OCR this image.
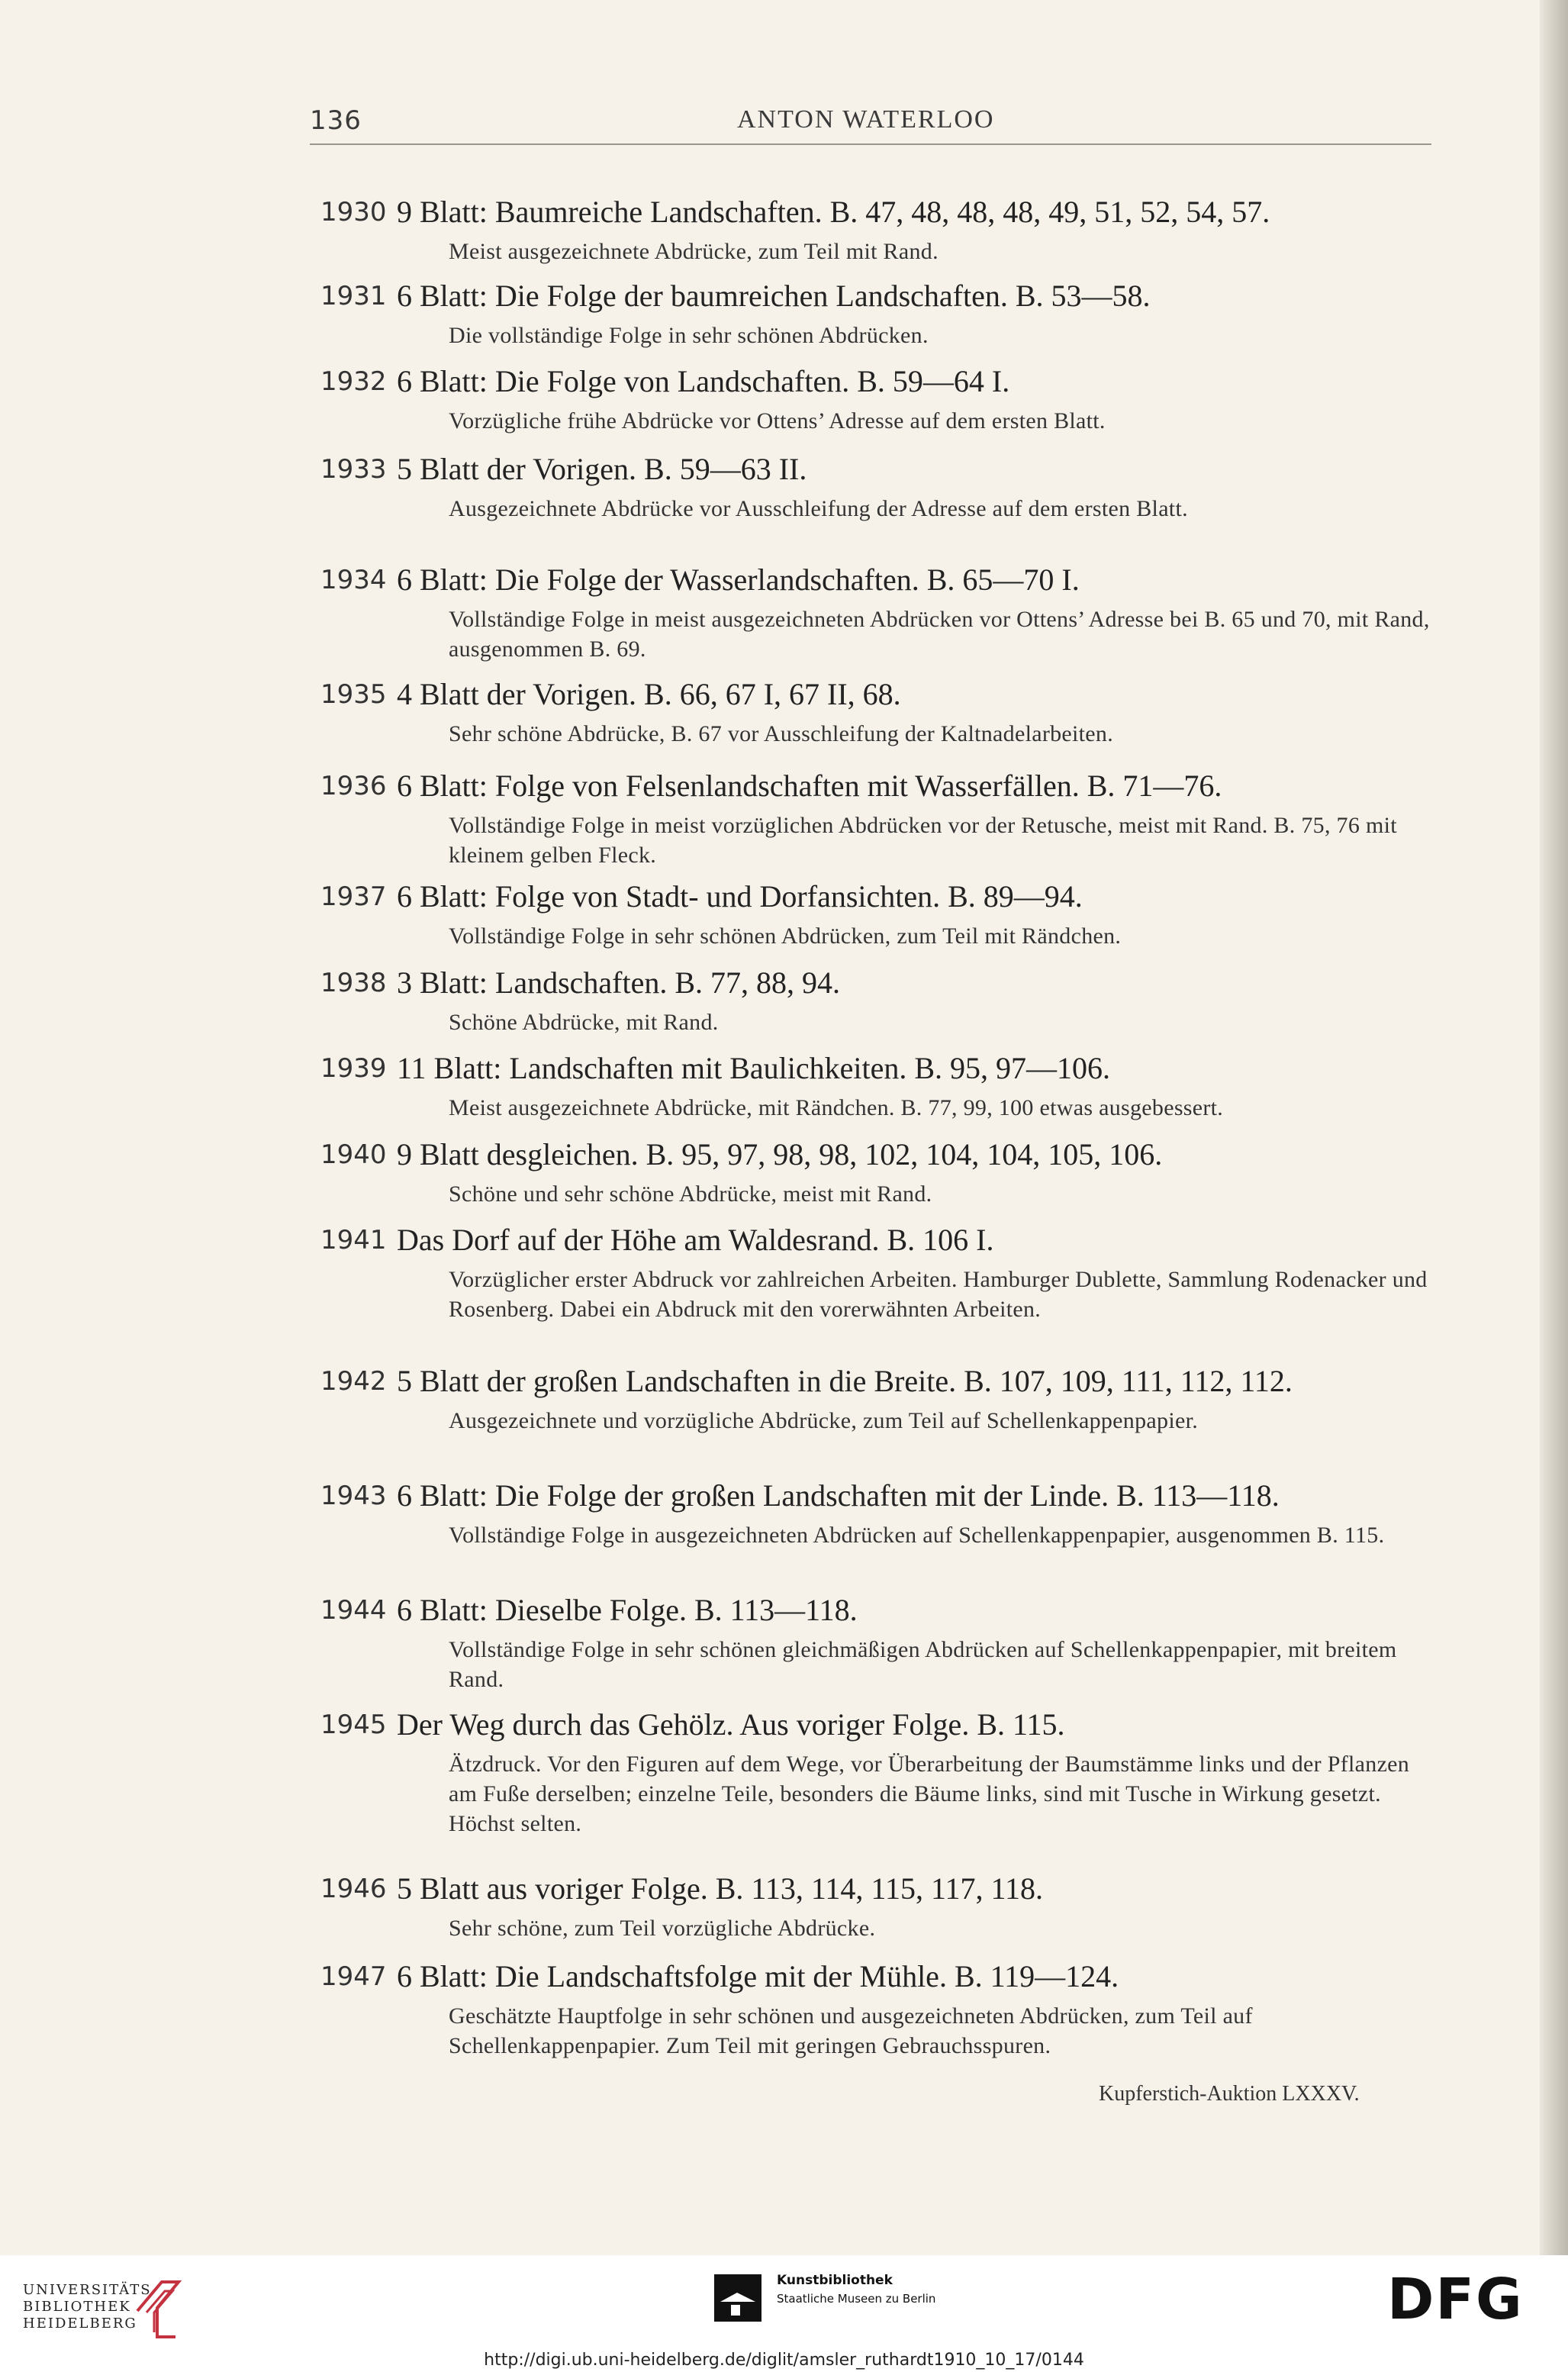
136	ANTON WATERLOO
1930 9 Blatt: Baumreiche Landschaften. B. 47, 48, 48, 48, 49, 51, 52, 54, 57.
Meist ausgezeichnete Abdrücke, zum Teil mit Rand.
1931 6 Blatt: Die Folge der baumreichen Landschaften. B. 53—58.
Die vollständige Folge in sehr schönen Abdrücken.
1932 6 Blatt: Die Folge von Landschaften. B. 59—64 I.
Vorzügliche frühe Abdrücke vor Ottens’ Adresse auf dem ersten Blatt.
1933 5 Blatt der Vorigen. B. 59—63 II.
Ausgezeichnete Abdrücke vor Ausschleifung der Adresse auf dem ersten Blatt.
1934 6 Blatt: Die Folge der Wasserlandschaften. B. 65—70 I.
Vollständige Folge in meist ausgezeichneten Abdrücken vor Ottens’ Adresse bei B. 65 und 70, mit Rand, ausgenommen B. 69.
1935 4 Blatt der Vorigen. B. 66, 67 I, 67 II, 68.
Sehr schöne Abdrücke, B. 67 vor Ausschleifung der Kaltnadelarbeiten.
1936 6 Blatt: Folge von Felsenlandschaften mit Wasserfällen. B. 71—76.
Vollständige Folge in meist vorzüglichen Abdrücken vor der Retusche, meist mit Rand. B. 75, 76 mit kleinem gelben Fleck.
1937 6 Blatt: Folge von Stadt- und Dorfansichten. B. 89—94.
Vollständige Folge in sehr schönen Abdrücken, zum Teil mit Rändchen.
1938 3 Blatt: Landschaften. B. 77, 88, 94.
Schöne Abdrücke, mit Rand.
1939 11 Blatt: Landschaften mit Baulichkeiten. B. 95, 97—106.
Meist ausgezeichnete Abdrücke, mit Rändchen. B. 77, 99, 100 etwas ausgebessert.
1940 9 Blatt desgleichen. B. 95, 97, 98, 98, 102, 104, 104, 105, 106.
Schöne und sehr schöne Abdrücke, meist mit Rand.
1941 Das Dorf auf der Höhe am Waldesrand. B. 106 I.
Vorzüglicher erster Abdruck vor zahlreichen Arbeiten. Hamburger Dublette, Sammlung Rodenacker und Rosenberg. Dabei ein Abdruck mit den vorerwähnten Arbeiten.
1942 5 Blatt der großen Landschaften in die Breite. B. 107, 109, 111, 112, 112.
Ausgezeichnete und vorzügliche Abdrücke, zum Teil auf Schellenkappenpapier.
1943 6 Blatt: Die Folge der großen Landschaften mit der Linde. B. 113—118.
Vollständige Folge in ausgezeichneten Abdrücken auf Schellenkappenpapier, ausgenommen B. 115.
1944 6 Blatt: Dieselbe Folge. B. 113—118.
Vollständige Folge in sehr schönen gleichmäßigen Abdrücken auf Schellenkappenpapier, mit breitem Rand.
1945 Der Weg durch das Gehölz. Aus voriger Folge. B. 115.
Ätzdruck. Vor den Figuren auf dem Wege, vor Überarbeitung der Baumstämme links und der Pflanzen am Fuße derselben; einzelne Teile, besonders die Bäume links, sind mit Tusche in Wirkung gesetzt. Höchst selten.
1946 5 Blatt aus voriger Folge. B. 113, 114, 115, 117, 118.
Sehr schöne, zum Teil vorzügliche Abdrücke.
1947 6 Blatt: Die Landschaftsfolge mit der Mühle. B. 119—124.
Geschätzte Hauptfolge in sehr schönen und ausgezeichneten Abdrücken, zum Teil auf Schellenkappenpapier. Zum Teil mit geringen Gebrauchsspuren.
Kupferstich-Auktion LXXXV.
UNIVERSITÄTS-
BIBLIOTHEK
HEIDELBERG
Kunstbibliothek
Staatliche Museen zu Berlin	DFG
http://digi.ub.uni-heidelberg.de/diglit/amsler_ruthardt1910_10_17/0144
